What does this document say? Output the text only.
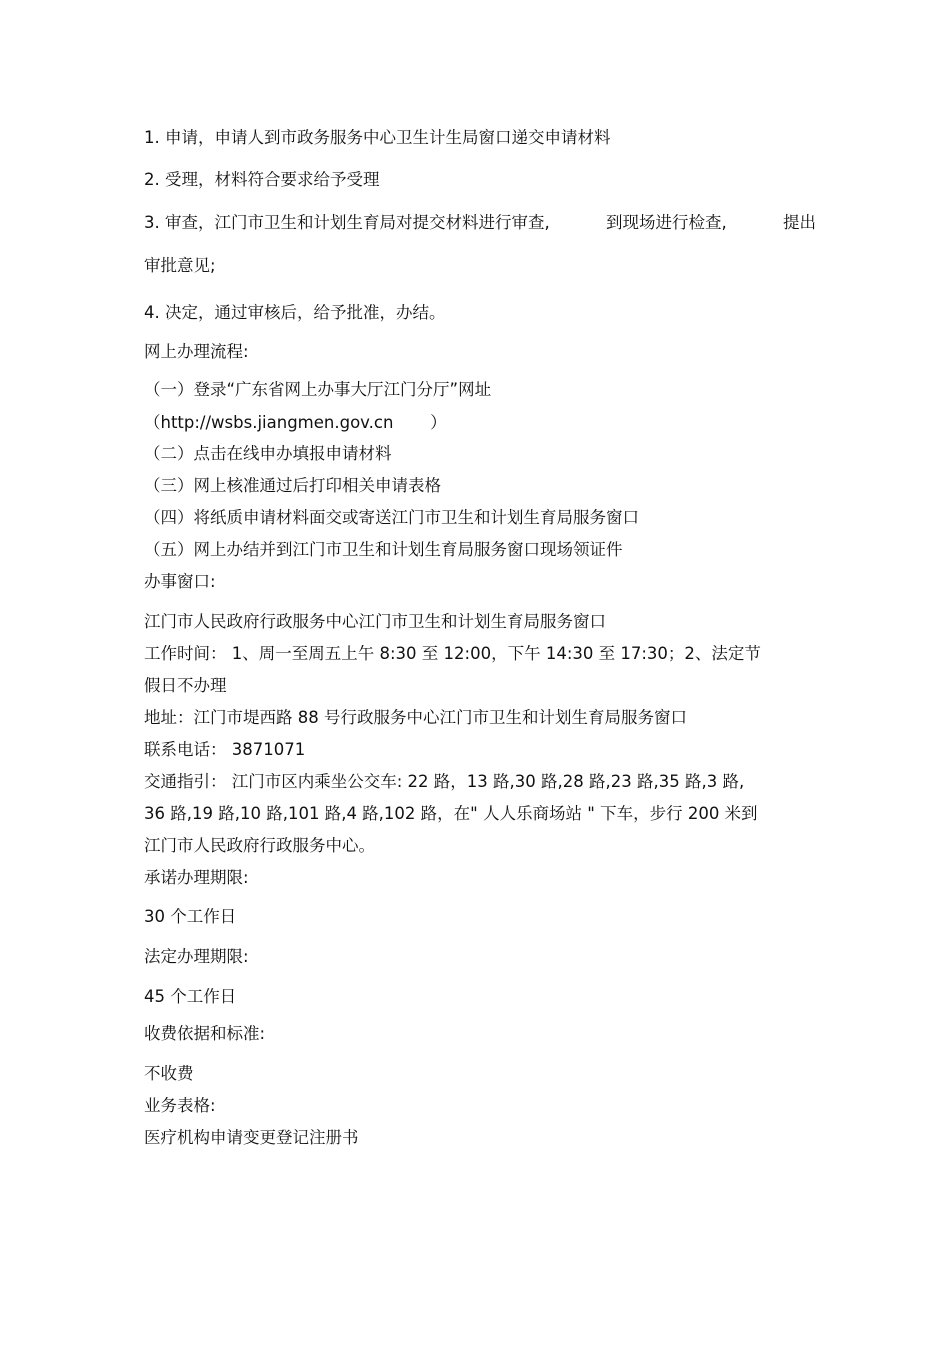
1. 申请，申请人到市政务服务中心卫生计生局窗口递交申请材料
2. 受理，材料符合要求给予受理
3. 审查，江门市卫生和计划生育局对提交材料进行审查,	到现场进行检查,	提出
审批意见;
4. 决定，通过审核后，给予批准，办结。
网上办理流程:
（一）登录“广东省网上办事大厅江门分厅”网址
（http://wsbs.jiangmen.gov.cn       ）
（二）点击在线申办填报申请材料
（三）网上核准通过后打印相关申请表格
（四）将纸质申请材料面交或寄送江门市卫生和计划生育局服务窗口
（五）网上办结并到江门市卫生和计划生育局服务窗口现场领证件
办事窗口:
江门市人民政府行政服务中心江门市卫生和计划生育局服务窗口
工作时间： 1、周一至周五上午 8:30 至 12:00，下午 14:30 至 17:30；2、法定节
假日不办理
地址：江门市堤西路 88 号行政服务中心江门市卫生和计划生育局服务窗口
联系电话： 3871071
交通指引： 江门市区内乘坐公交车: 22 路，13 路,30 路,28 路,23 路,35 路,3 路,
36 路,19 路,10 路,101 路,4 路,102 路，在" 人人乐商场站 " 下车，步行 200 米到
江门市人民政府行政服务中心。
承诺办理期限:
30 个工作日
法定办理期限:
45 个工作日
收费依据和标准:
不收费
业务表格:
医疗机构申请变更登记注册书
